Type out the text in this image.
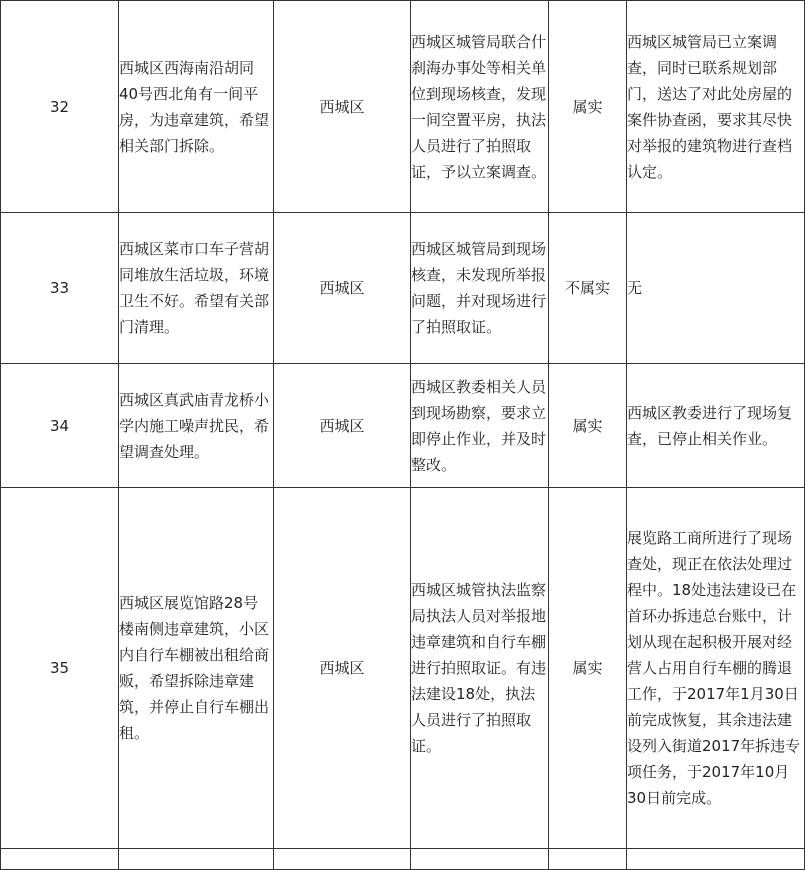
32	西城区西海南沿胡同40号西北角有一间平房，为违章建筑，希望相关部门拆除。	西城区	西城区城管局联合什刹海办事处等相关单位到现场核查，发现一间空置平房，执法人员进行了拍照取证，予以立案调查。	属实	西城区城管局已立案调查，同时已联系规划部门，送达了对此处房屋的案件协查函，要求其尽快对举报的建筑物进行查档认定。

33	西城区菜市口车子营胡同堆放生活垃圾，环境卫生不好。希望有关部门清理。	西城区	西城区城管局到现场核查，未发现所举报问题，并对现场进行了拍照取证。	不属实	无

34	西城区真武庙青龙桥小学内施工噪声扰民，希望调查处理。	西城区	西城区教委相关人员到现场勘察，要求立即停止作业，并及时整改。	属实	西城区教委进行了现场复查，已停止相关作业。

35	西城区展览馆路28号楼南侧违章建筑，小区内自行车棚被出租给商贩，希望拆除违章建筑，并停止自行车棚出租。	西城区	西城区城管执法监察局执法人员对举报地违章建筑和自行车棚进行拍照取证。有违法建设18处，执法人员进行了拍照取证。	属实	展览路工商所进行了现场查处，现正在依法处理过程中。18处违法建设已在首环办拆违总台账中，计划从现在起积极开展对经营人占用自行车棚的腾退工作，于2017年1月30日前完成恢复，其余违法建设列入街道2017年拆违专项任务，于2017年10月30日前完成。
